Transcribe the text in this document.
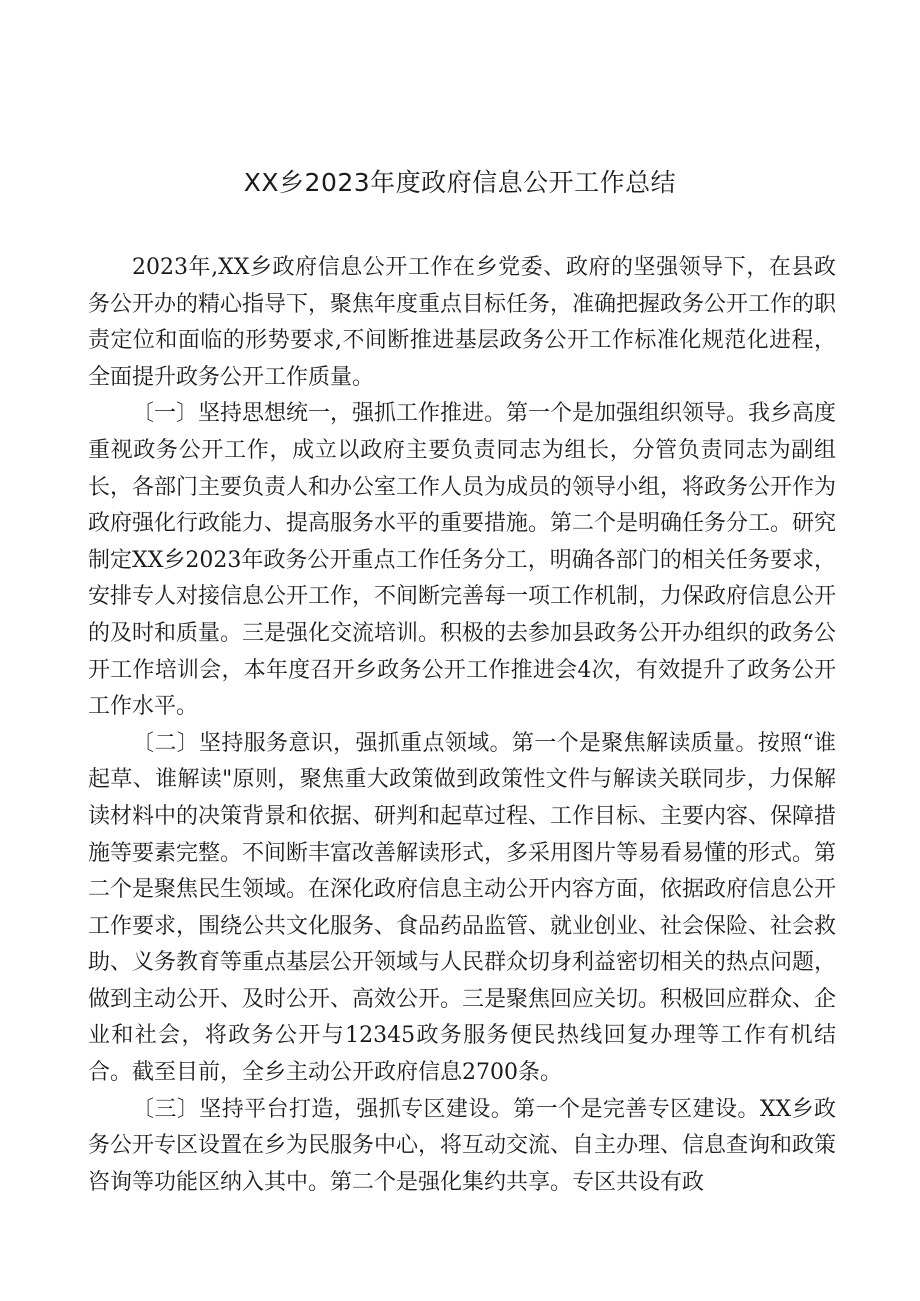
XX乡2023年度政府信息公开工作总结

2023年,XX乡政府信息公开工作在乡党委、政府的坚强领导下，在县政务公开办的精心指导下，聚焦年度重点目标任务，准确把握政务公开工作的职责定位和面临的形势要求,不间断推进基层政务公开工作标准化规范化进程，全面提升政务公开工作质量。

〔一〕坚持思想统一，强抓工作推进。第一个是加强组织领导。我乡高度重视政务公开工作，成立以政府主要负责同志为组长，分管负责同志为副组长，各部门主要负责人和办公室工作人员为成员的领导小组，将政务公开作为政府强化行政能力、提高服务水平的重要措施。第二个是明确任务分工。研究制定XX乡2023年政务公开重点工作任务分工，明确各部门的相关任务要求，安排专人对接信息公开工作，不间断完善每一项工作机制，力保政府信息公开的及时和质量。三是强化交流培训。积极的去参加县政务公开办组织的政务公开工作培训会，本年度召开乡政务公开工作推进会4次，有效提升了政务公开工作水平。

〔二〕坚持服务意识，强抓重点领域。第一个是聚焦解读质量。按照“谁起草、谁解读"原则，聚焦重大政策做到政策性文件与解读关联同步，力保解读材料中的决策背景和依据、研判和起草过程、工作目标、主要内容、保障措施等要素完整。不间断丰富改善解读形式，多采用图片等易看易懂的形式。第二个是聚焦民生领域。在深化政府信息主动公开内容方面，依据政府信息公开工作要求，围绕公共文化服务、食品药品监管、就业创业、社会保险、社会救助、义务教育等重点基层公开领域与人民群众切身利益密切相关的热点问题，做到主动公开、及时公开、高效公开。三是聚焦回应关切。积极回应群众、企业和社会，将政务公开与12345政务服务便民热线回复办理等工作有机结合。截至目前，全乡主动公开政府信息2700条。

〔三〕坚持平台打造，强抓专区建设。第一个是完善专区建设。XX乡政务公开专区设置在乡为民服务中心，将互动交流、自主办理、信息查询和政策咨询等功能区纳入其中。第二个是强化集约共享。专区共设有政
